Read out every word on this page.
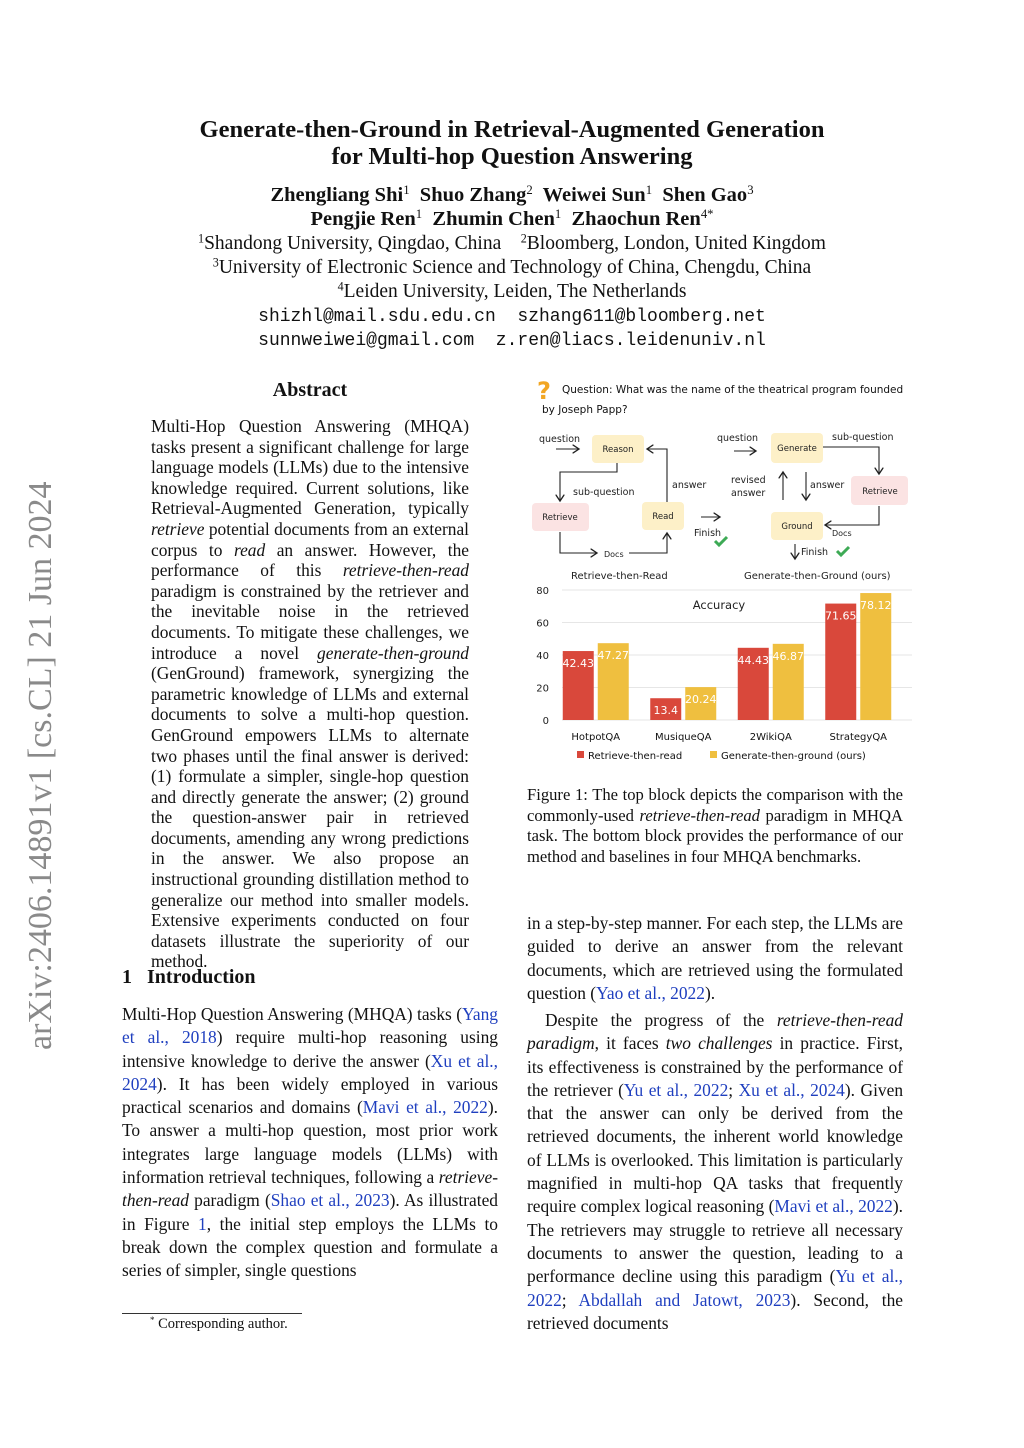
arXiv:2406.14891v1 [cs.CL] 21 Jun 2024
Generate-then-Ground in Retrieval-Augmented Generation
for Multi-hop Question Answering
Zhengliang Shi$^1$ Shuo Zhang$^2$ Weiwei Sun$^1$ Shen Gao$^3$
Pengjie Ren$^1$ Zhumin Chen$^1$ Zhaochun Ren$^{4*}$
$^1$Shandong University, Qingdao, China $^2$Bloomberg, London, United Kingdom
$^3$University of Electronic Science and Technology of China, Chengdu, China
$^4$Leiden University, Leiden, The Netherlands
shizhl@mail.sdu.edu.cn szhang611@bloomberg.net
sunnweiwei@gmail.com z.ren@liacs.leidenuniv.nl
Abstract
Multi-Hop Question Answering (MHQA) tasks present a significant challenge for large language models (LLMs) due to the intensive knowledge required. Current solutions, like Retrieval-Augmented Generation, typically retrieve potential documents from an external corpus to read an answer. However, the performance of this retrieve-then-read paradigm is constrained by the retriever and the inevitable noise in the retrieved documents. To mitigate these challenges, we introduce a novel generate-then-ground (GenGround) framework, synergizing the parametric knowledge of LLMs and external documents to solve a multi-hop question. GenGround empowers LLMs to alternate two phases until the final answer is derived: (1) formulate a simpler, single-hop question and directly generate the answer; (2) ground the question-answer pair in retrieved documents, amending any wrong predictions in the answer. We also propose an instructional grounding distillation method to generalize our method into smaller models. Extensive experiments conducted on four datasets illustrate the superiority of our method.
1 Introduction
Multi-Hop Question Answering (MHQA) tasks (Yang et al., 2018) require multi-hop reasoning using intensive knowledge to derive the answer (Xu et al., 2024). It has been widely employed in various practical scenarios and domains (Mavi et al., 2022). To answer a multi-hop question, most prior work integrates large language models (LLMs) with information retrieval techniques, following a retrieve-then-read paradigm (Shao et al., 2023). As illustrated in Figure 1, the initial step employs the LLMs to break down the complex question and formulate a series of simpler, single questions
* Corresponding author.
? Question: What was the name of the theatrical program founded
by Joseph Papp?
question
Reason
sub-question
Retrieve
Docs
Read
answer
Finish
Retrieve-then-Read
question
Generate
sub-question
Retrieve
Docs
Ground
revised
answer
answer
Finish
Generate-then-Ground (ours)
0
20
40
60
80
Accuracy
42.43
47.27
HotpotQA
13.4
20.24
MusiqueQA
44.43 46.87
2WikiQA
71.65
78.12
StrategyQA
Retrieve-then-read	Generate-then-ground (ours)
Figure 1: The top block depicts the comparison with the commonly-used retrieve-then-read paradigm in MHQA task. The bottom block provides the performance of our method and baselines in four MHQA benchmarks.
in a step-by-step manner. For each step, the LLMs are guided to derive an answer from the relevant documents, which are retrieved using the formulated question (Yao et al., 2022).
Despite the progress of the retrieve-then-read paradigm, it faces two challenges in practice. First, its effectiveness is constrained by the performance of the retriever (Yu et al., 2022; Xu et al., 2024). Given that the answer can only be derived from the retrieved documents, the inherent world knowledge of LLMs is overlooked. This limitation is particularly magnified in multi-hop QA tasks that frequently require complex logical reasoning (Mavi et al., 2022). The retrievers may struggle to retrieve all necessary documents to answer the question, leading to a performance decline using this paradigm (Yu et al., 2022; Abdallah and Jatowt, 2023). Second, the retrieved documents
